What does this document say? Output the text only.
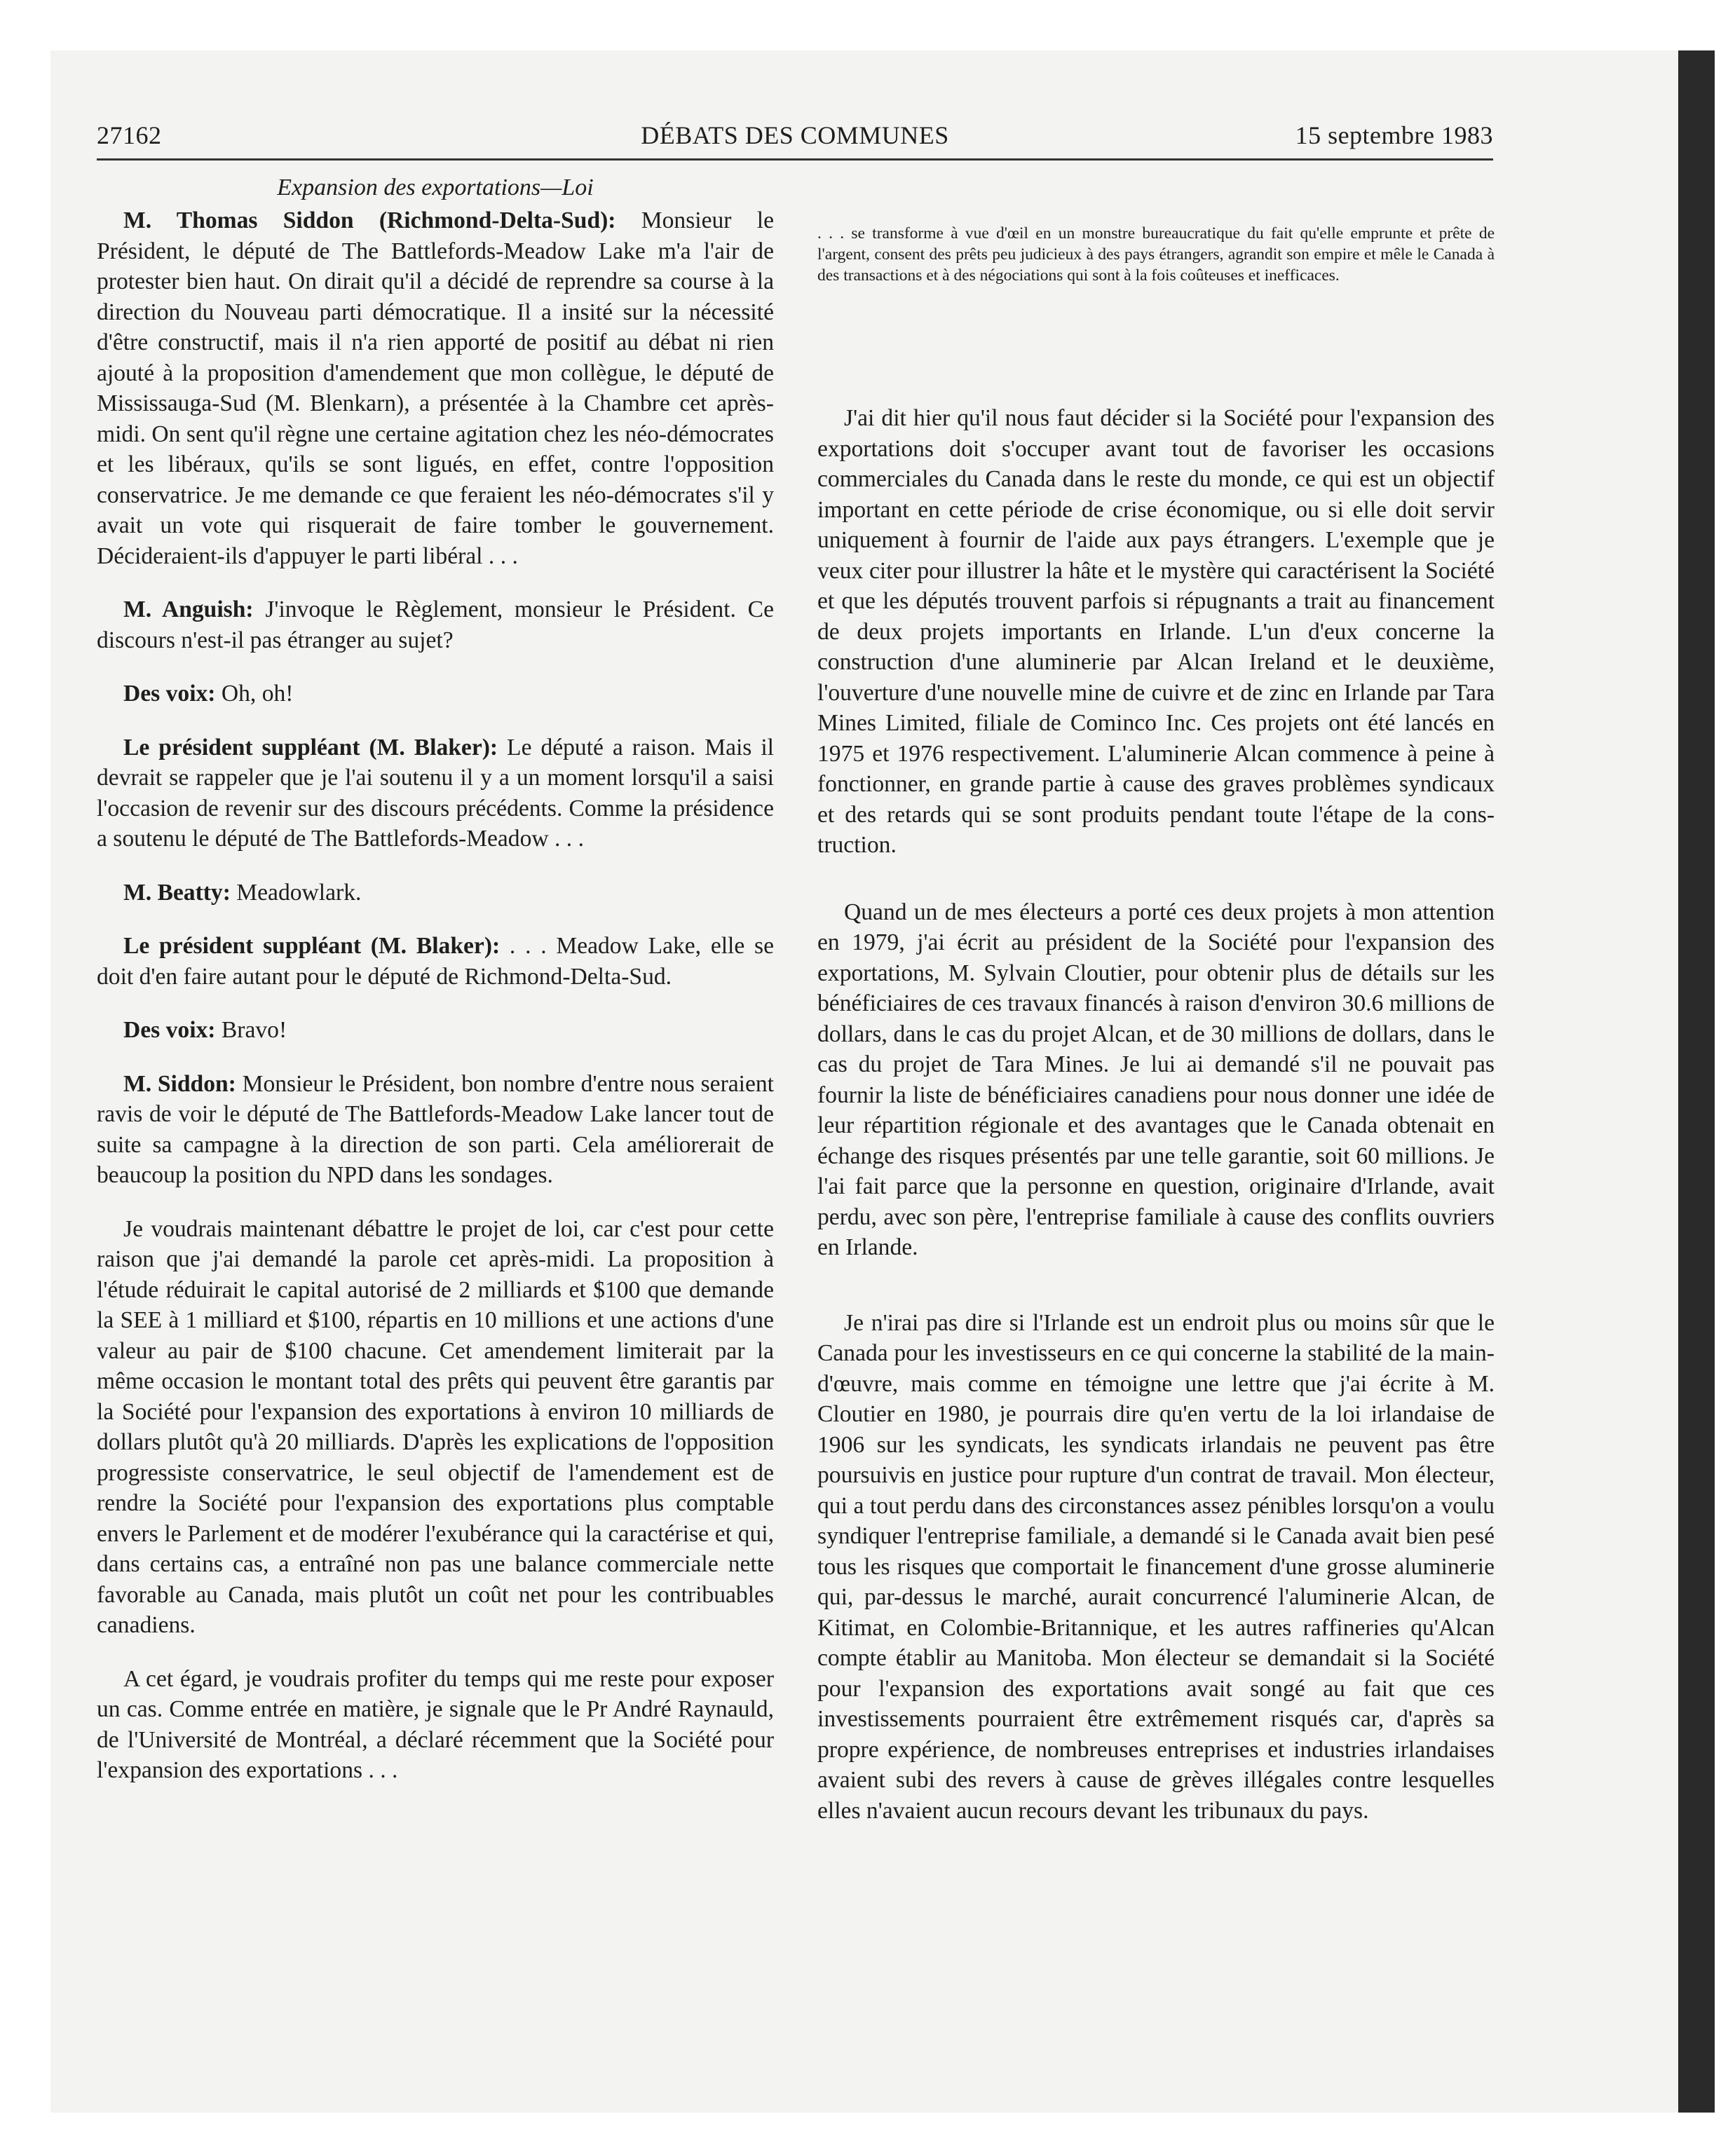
27162	DÉBATS DES COMMUNES	15 septembre 1983

Expansion des exportations—Loi

M. Thomas Siddon (Richmond-Delta-Sud): Monsieur le Président, le député de The Battlefords-Meadow Lake m'a l'air de protester bien haut. On dirait qu'il a décidé de reprendre sa course à la direction du Nouveau parti démocratique. Il a insité sur la nécessité d'être constructif, mais il n'a rien apporté de positif au débat ni rien ajouté à la proposition d'amendement que mon collègue, le député de Mississauga-Sud (M. Blenkarn), a présentée à la Chambre cet après-midi. On sent qu'il règne une certaine agitation chez les néo-démocrates et les libéraux, qu'ils se sont ligués, en effet, contre l'opposition conservatrice. Je me demande ce que feraient les néo-démocrates s'il y avait un vote qui risquerait de faire tomber le gouvernement. Décideraient-ils d'appuyer le parti libéral . . .

M. Anguish: J'invoque le Règlement, monsieur le Président. Ce discours n'est-il pas étranger au sujet?

Des voix: Oh, oh!

Le président suppléant (M. Blaker): Le député a raison. Mais il devrait se rappeler que je l'ai soutenu il y a un moment lorsqu'il a saisi l'occasion de revenir sur des discours précédents. Comme la présidence a soutenu le député de The Battlefords-Meadow . . .

M. Beatty: Meadowlark.

Le président suppléant (M. Blaker): . . . Meadow Lake, elle se doit d'en faire autant pour le député de Richmond-Delta-Sud.

Des voix: Bravo!

M. Siddon: Monsieur le Président, bon nombre d'entre nous seraient ravis de voir le député de The Battlefords-Meadow Lake lancer tout de suite sa campagne à la direction de son parti. Cela améliorerait de beaucoup la position du NPD dans les sondages.

Je voudrais maintenant débattre le projet de loi, car c'est pour cette raison que j'ai demandé la parole cet après-midi. La proposition à l'étude réduirait le capital autorisé de 2 milliards et $100 que demande la SEE à 1 milliard et $100, répartis en 10 millions et une actions d'une valeur au pair de $100 chacune. Cet amendement limiterait par la même occasion le montant total des prêts qui peuvent être garantis par la Société pour l'expansion des exportations à environ 10 milliards de dollars plutôt qu'à 20 milliards. D'après les explications de l'opposition progressiste conservatrice, le seul objectif de l'amendement est de rendre la Société pour l'expansion des exportations plus comptable envers le Parlement et de modérer l'exubérance qui la caractérise et qui, dans certains cas, a entraîné non pas une balance commerciale nette favorable au Canada, mais plutôt un coût net pour les contribuables canadiens.

A cet égard, je voudrais profiter du temps qui me reste pour exposer un cas. Comme entrée en matière, je signale que le Pr André Raynauld, de l'Université de Montréal, a déclaré récemment que la Société pour l'expansion des exportations . . .

. . . se transforme à vue d'œil en un monstre bureaucratique du fait qu'elle emprunte et prête de l'argent, consent des prêts peu judicieux à des pays étrangers, agrandit son empire et mêle le Canada à des transactions et à des négociations qui sont à la fois coûteuses et inefficaces.

J'ai dit hier qu'il nous faut décider si la Société pour l'expansion des exportations doit s'occuper avant tout de favoriser les occasions commerciales du Canada dans le reste du monde, ce qui est un objectif important en cette période de crise économique, ou si elle doit servir uniquement à fournir de l'aide aux pays étrangers. L'exemple que je veux citer pour illustrer la hâte et le mystère qui caractérisent la Société et que les députés trouvent parfois si répugnants a trait au financement de deux projets importants en Irlande. L'un d'eux concerne la construction d'une aluminerie par Alcan Ireland et le deuxième, l'ouverture d'une nouvelle mine de cuivre et de zinc en Irlande par Tara Mines Limited, filiale de Cominco Inc. Ces projets ont été lancés en 1975 et 1976 respectivement. L'aluminerie Alcan commence à peine à fonctionner, en grande partie à cause des graves problèmes syndicaux et des retards qui se sont produits pendant toute l'étape de la construction.

Quand un de mes électeurs a porté ces deux projets à mon attention en 1979, j'ai écrit au président de la Société pour l'expansion des exportations, M. Sylvain Cloutier, pour obtenir plus de détails sur les bénéficiaires de ces travaux financés à raison d'environ 30.6 millions de dollars, dans le cas du projet Alcan, et de 30 millions de dollars, dans le cas du projet de Tara Mines. Je lui ai demandé s'il ne pouvait pas fournir la liste de bénéficiaires canadiens pour nous donner une idée de leur répartition régionale et des avantages que le Canada obtenait en échange des risques présentés par une telle garantie, soit 60 millions. Je l'ai fait parce que la personne en question, originaire d'Irlande, avait perdu, avec son père, l'entreprise familiale à cause des conflits ouvriers en Irlande.

Je n'irai pas dire si l'Irlande est un endroit plus ou moins sûr que le Canada pour les investisseurs en ce qui concerne la stabilité de la main-d'œuvre, mais comme en témoigne une lettre que j'ai écrite à M. Cloutier en 1980, je pourrais dire qu'en vertu de la loi irlandaise de 1906 sur les syndicats, les syndicats irlandais ne peuvent pas être poursuivis en justice pour rupture d'un contrat de travail. Mon électeur, qui a tout perdu dans des circonstances assez pénibles lorsqu'on a voulu syndiquer l'entreprise familiale, a demandé si le Canada avait bien pesé tous les risques que comportait le financement d'une grosse aluminerie qui, par-dessus le marché, aurait concurrencé l'aluminerie Alcan, de Kitimat, en Colombie-Britannique, et les autres raffineries qu'Alcan compte établir au Manitoba. Mon électeur se demandait si la Société pour l'expansion des exportations avait songé au fait que ces investissements pourraient être extrêmement risqués car, d'après sa propre expérience, de nombreuses entreprises et industries irlandaises avaient subi des revers à cause de grèves illégales contre lesquelles elles n'avaient aucun recours devant les tribunaux du pays.
